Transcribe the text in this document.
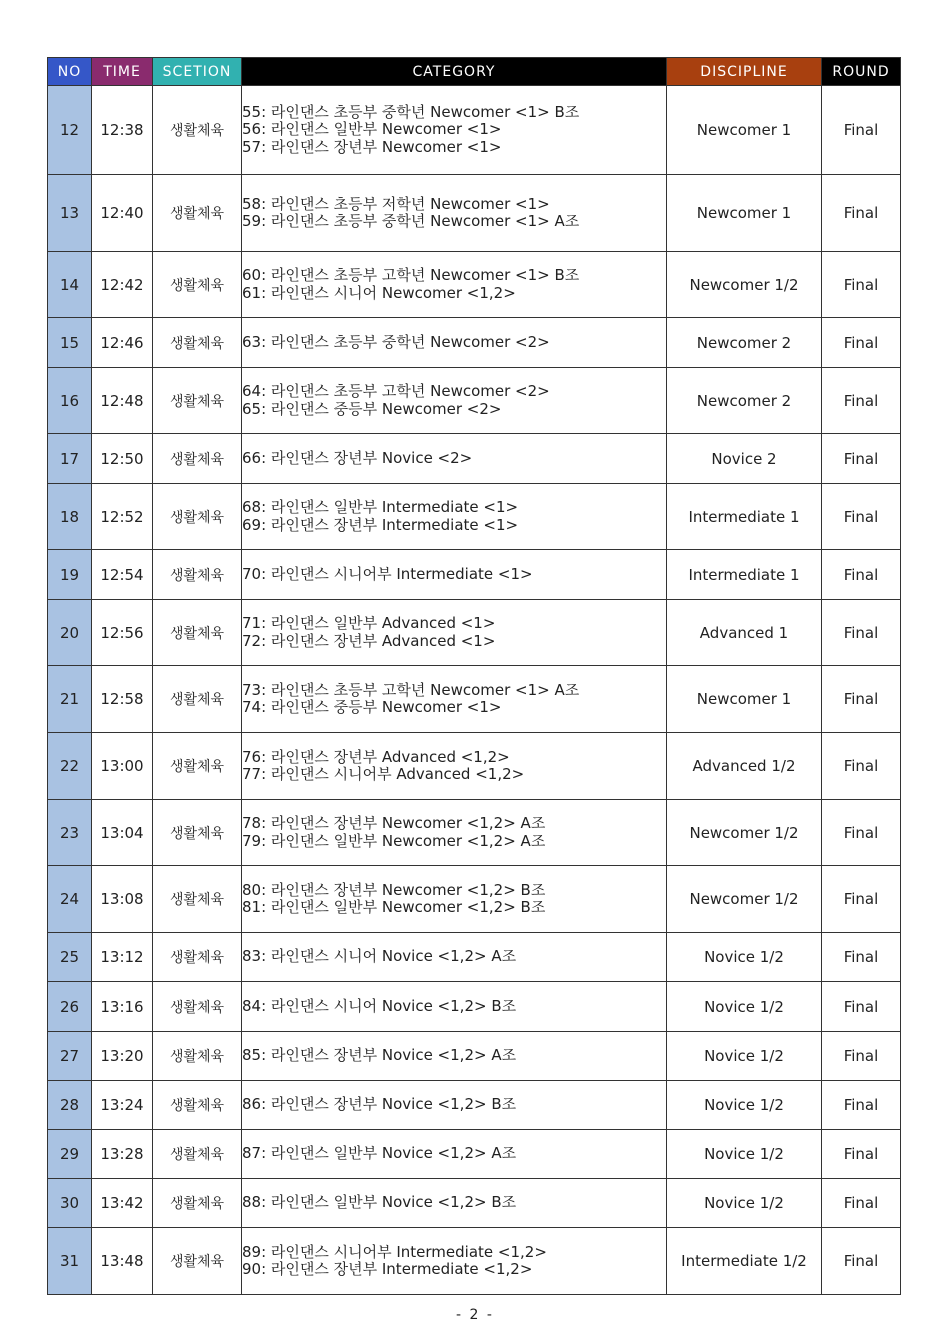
NO	TIME	SCETION	CATEGORY	DISCIPLINE	ROUND
12	12:38	생활체육	55: 라인댄스 초등부 중학년 Newcomer <1> B조
56: 라인댄스 일반부 Newcomer <1>
57: 라인댄스 장년부 Newcomer <1>	Newcomer 1	Final
13	12:40	생활체육	58: 라인댄스 초등부 저학년 Newcomer <1>
59: 라인댄스 초등부 중학년 Newcomer <1> A조	Newcomer 1	Final
14	12:42	생활체육	60: 라인댄스 초등부 고학년 Newcomer <1> B조
61: 라인댄스 시니어 Newcomer <1,2>	Newcomer 1/2	Final
15	12:46	생활체육	63: 라인댄스 초등부 중학년 Newcomer <2>	Newcomer 2	Final
16	12:48	생활체육	64: 라인댄스 초등부 고학년 Newcomer <2>
65: 라인댄스 중등부 Newcomer <2>	Newcomer 2	Final
17	12:50	생활체육	66: 라인댄스 장년부 Novice <2>	Novice 2	Final
18	12:52	생활체육	68: 라인댄스 일반부 Intermediate <1>
69: 라인댄스 장년부 Intermediate <1>	Intermediate 1	Final
19	12:54	생활체육	70: 라인댄스 시니어부 Intermediate <1>	Intermediate 1	Final
20	12:56	생활체육	71: 라인댄스 일반부 Advanced <1>
72: 라인댄스 장년부 Advanced <1>	Advanced 1	Final
21	12:58	생활체육	73: 라인댄스 초등부 고학년 Newcomer <1> A조
74: 라인댄스 중등부 Newcomer <1>	Newcomer 1	Final
22	13:00	생활체육	76: 라인댄스 장년부 Advanced <1,2>
77: 라인댄스 시니어부 Advanced <1,2>	Advanced 1/2	Final
23	13:04	생활체육	78: 라인댄스 장년부 Newcomer <1,2> A조
79: 라인댄스 일반부 Newcomer <1,2> A조	Newcomer 1/2	Final
24	13:08	생활체육	80: 라인댄스 장년부 Newcomer <1,2> B조
81: 라인댄스 일반부 Newcomer <1,2> B조	Newcomer 1/2	Final
25	13:12	생활체육	83: 라인댄스 시니어 Novice <1,2> A조	Novice 1/2	Final
26	13:16	생활체육	84: 라인댄스 시니어 Novice <1,2> B조	Novice 1/2	Final
27	13:20	생활체육	85: 라인댄스 장년부 Novice <1,2> A조	Novice 1/2	Final
28	13:24	생활체육	86: 라인댄스 장년부 Novice <1,2> B조	Novice 1/2	Final
29	13:28	생활체육	87: 라인댄스 일반부 Novice <1,2> A조	Novice 1/2	Final
30	13:42	생활체육	88: 라인댄스 일반부 Novice <1,2> B조	Novice 1/2	Final
31	13:48	생활체육	89: 라인댄스 시니어부 Intermediate <1,2>
90: 라인댄스 장년부 Intermediate <1,2>	Intermediate 1/2	Final
- 2 -
